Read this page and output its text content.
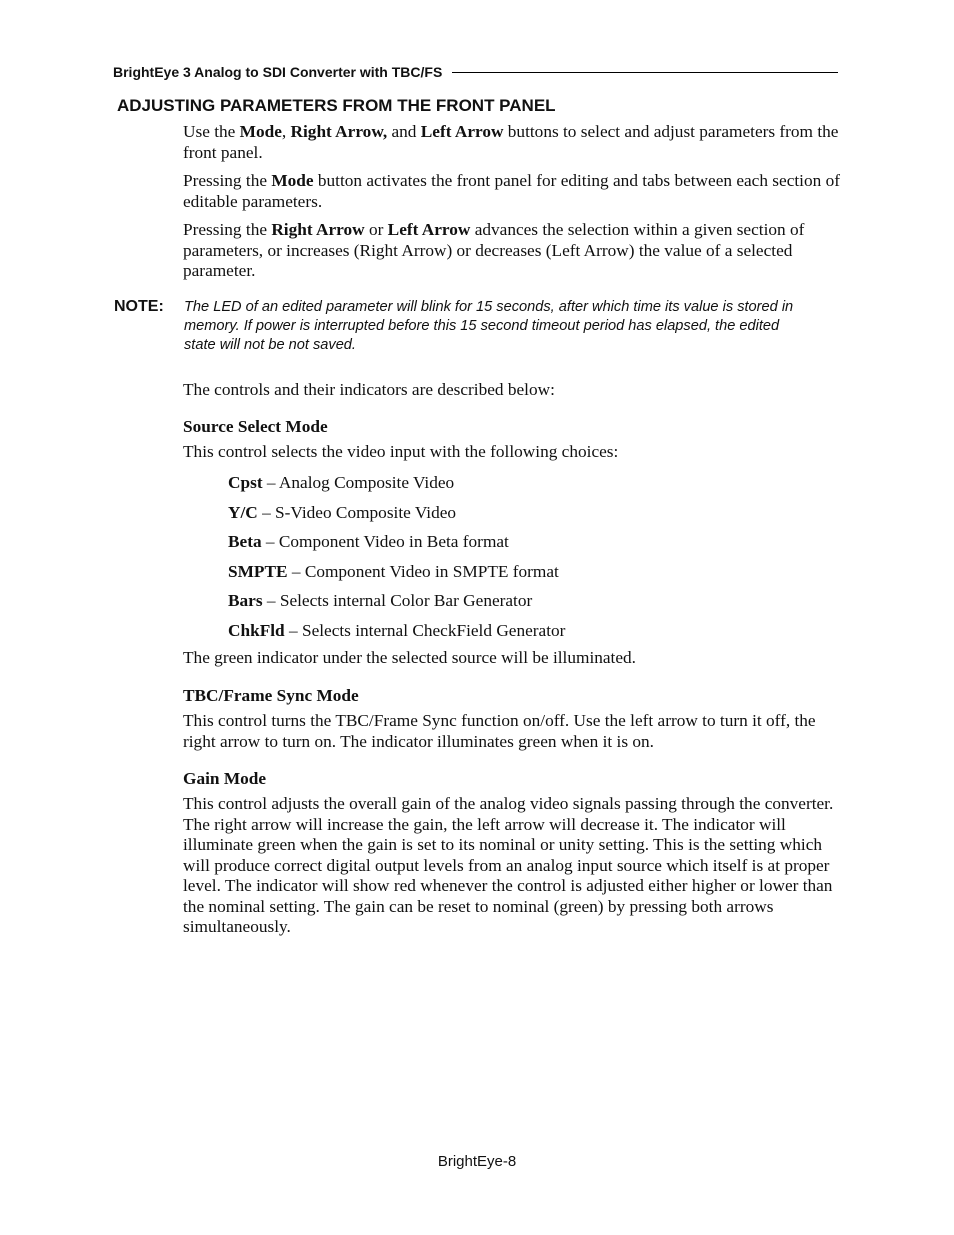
BrightEye 3 Analog to SDI Converter with TBC/FS
ADJUSTING PARAMETERS FROM THE FRONT PANEL

Use the Mode, Right Arrow, and Left Arrow buttons to select and adjust parameters from the front panel.

Pressing the Mode button activates the front panel for editing and tabs between each section of editable parameters.

Pressing the Right Arrow or Left Arrow advances the selection within a given section of parameters, or increases (Right Arrow) or decreases (Left Arrow) the value of a selected parameter.

NOTE: The LED of an edited parameter will blink for 15 seconds, after which time its value is stored in memory. If power is interrupted before this 15 second timeout period has elapsed, the edited state will not be not saved.

The controls and their indicators are described below:

Source Select Mode

This control selects the video input with the following choices:

Cpst – Analog Composite Video
Y/C – S-Video Composite Video
Beta – Component Video in Beta format
SMPTE – Component Video in SMPTE format
Bars – Selects internal Color Bar Generator
ChkFld – Selects internal CheckField Generator

The green indicator under the selected source will be illuminated.

TBC/Frame Sync Mode

This control turns the TBC/Frame Sync function on/off. Use the left arrow to turn it off, the right arrow to turn on. The indicator illuminates green when it is on.

Gain Mode

This control adjusts the overall gain of the analog video signals passing through the converter. The right arrow will increase the gain, the left arrow will decrease it. The indicator will illuminate green when the gain is set to its nominal or unity setting. This is the setting which will produce correct digital output levels from an analog input source which itself is at proper level. The indicator will show red whenever the control is adjusted either higher or lower than the nominal setting. The gain can be reset to nominal (green) by pressing both arrows simultaneously.

BrightEye-8
